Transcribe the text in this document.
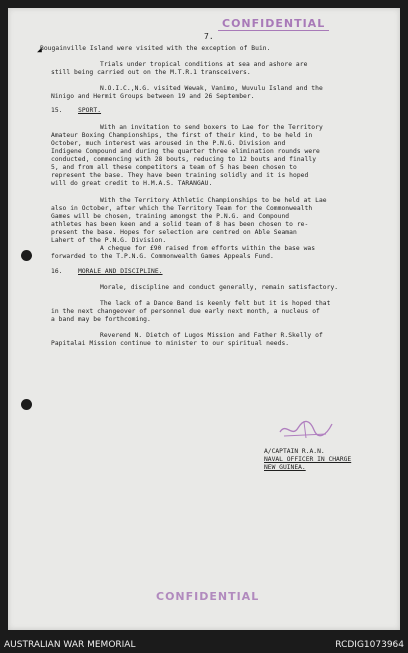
CONFIDENTIAL
7.
◢
Bougainville Island were visited with the exception of Buin.
Trials under tropical conditions at sea and ashore are
still being carried out on the M.T.R.1 transceivers.
N.O.I.C.,N.G. visited Wewak, Vanimo, Wuvulu Island and the
Ninigo and Hermit Groups between 19 and 26 September.
15. SPORT.
With an invitation to send boxers to Lae for the Territory
Amateur Boxing Championships, the first of their kind, to be held in
October, much interest was aroused in the P.N.G. Division and
Indigene Compound and during the quarter three elimination rounds were
conducted, commencing with 28 bouts, reducing to 12 bouts and finally
5, and from all these competitors a team of 5 has been chosen to
represent the base. They have been training solidly and it is hoped
will do great credit to H.M.A.S. TARANGAU.
With the Territory Athletic Championships to be held at Lae
also in October, after which the Territory Team for the Commonwealth
Games will be chosen, training amongst the P.N.G. and Compound
athletes has been keen and a solid team of 8 has been chosen to re-
present the base. Hopes for selection are centred on Able Seaman
Lahert of the P.N.G. Division.
A cheque for £90 raised from efforts within the base was
forwarded to the T.P.N.G. Commonwealth Games Appeals Fund.
16. MORALE AND DISCIPLINE.
Morale, discipline and conduct generally, remain satisfactory.
The lack of a Dance Band is keenly felt but it is hoped that
in the next changeover of personnel due early next month, a nucleus of
a band may be forthcoming.
Reverend N. Dietch of Lugos Mission and Father R.Skelly of
Papitalai Mission continue to minister to our spiritual needs.
A/CAPTAIN R.A.N.
NAVAL OFFICER IN CHARGE
NEW GUINEA.
CONFIDENTIAL
AUSTRALIAN WAR MEMORIAL	RCDIG1073964
